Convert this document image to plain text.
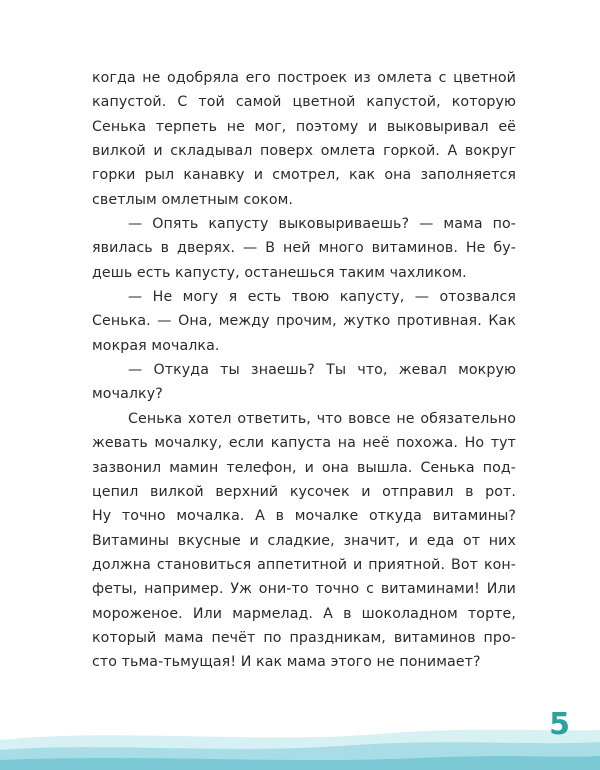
когда не одобряла его построек из омлета с цветной
капустой. С той самой цветной капустой, которую
Сенька терпеть не мог, поэтому и выковыривал её
вилкой и складывал поверх омлета горкой. А вокруг
горки рыл канавку и смотрел, как она заполняется
светлым омлетным соком.
— Опять капусту выковыриваешь? — мама по-
явилась в дверях. — В ней много витаминов. Не бу-
дешь есть капусту, останешься таким чахликом.
— Не могу я есть твою капусту, — отозвался
Сенька. — Она, между прочим, жутко противная. Как
мокрая мочалка.
— Откуда ты знаешь? Ты что, жевал мокрую
мочалку?
Сенька хотел ответить, что вовсе не обязательно
жевать мочалку, если капуста на неё похожа. Но тут
зазвонил мамин телефон, и она вышла. Сенька под-
цепил вилкой верхний кусочек и отправил в рот.
Ну точно мочалка. А в мочалке откуда витамины?
Витамины вкусные и сладкие, значит, и еда от них
должна становиться аппетитной и приятной. Вот кон-
феты, например. Уж они-то точно с витаминами! Или
мороженое. Или мармелад. А в шоколадном торте,
который мама печёт по праздникам, витаминов про-
сто тьма-тьмущая! И как мама этого не понимает?
5
